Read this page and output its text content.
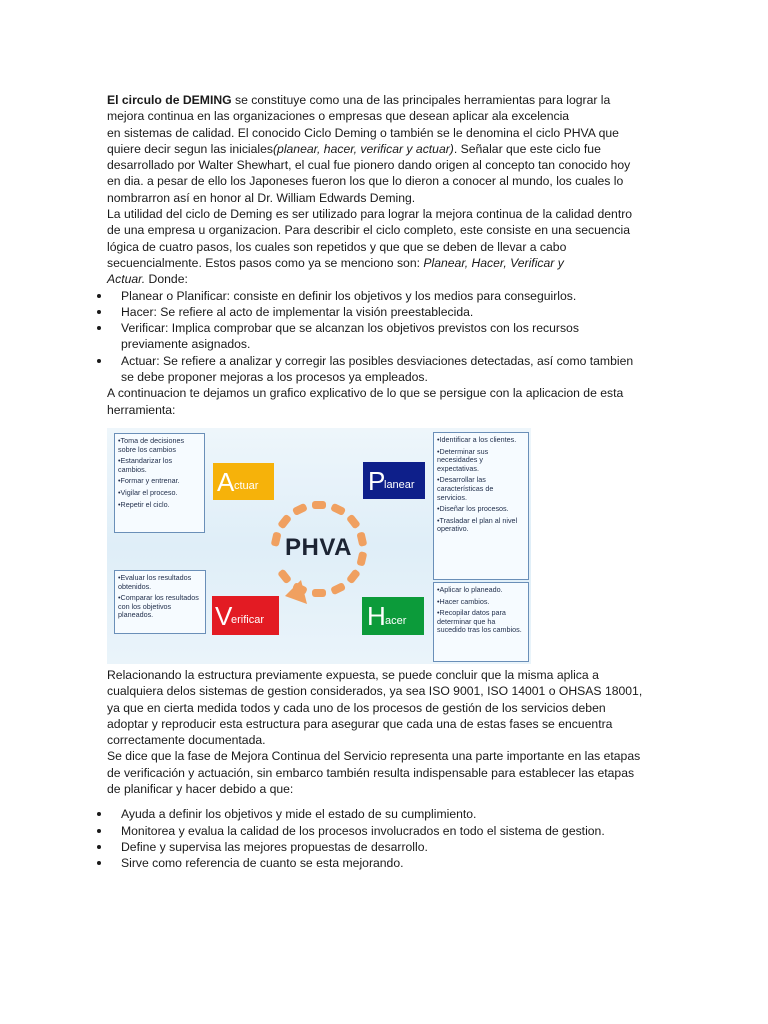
El circulo de DEMING se constituye como una de las principales herramientas para lograr la
mejora continua en las organizaciones o empresas que desean aplicar ala excelencia
en sistemas de calidad. El conocido Ciclo Deming o también se le denomina el ciclo PHVA que
quiere decir segun las iniciales(planear, hacer, verificar y actuar). Señalar que este ciclo fue
desarrollado por Walter Shewhart, el cual fue pionero dando origen al concepto tan conocido hoy
en dia. a pesar de ello los Japoneses fueron los que lo dieron a conocer al mundo, los cuales lo
nombrarron así en honor al Dr. William Edwards Deming.

La utilidad del ciclo de Deming es ser utilizado para lograr la mejora continua de la calidad dentro
de una empresa u organizacion. Para describir el ciclo completo, este consiste en una secuencia
lógica de cuatro pasos, los cuales son repetidos y que que se deben de llevar a cabo
secuencialmente. Estos pasos como ya se menciono son: Planear, Hacer, Verificar y
Actuar. Donde:

Planear o Planificar: consiste en definir los objetivos y los medios para conseguirlos.
Hacer: Se refiere al acto de implementar la visión preestablecida.
Verificar: Implica comprobar que se alcanzan los objetivos previstos con los recursos
previamente asignados.
Actuar: Se refiere a analizar y corregir las posibles desviaciones detectadas, así como tambien
se debe proponer mejoras a los procesos ya empleados.

A continuacion te dejamos un grafico explicativo de lo que se persigue con la aplicacion de esta
herramienta:

•Toma de decisiones sobre los cambios
•Estandarizar los cambios.
•Formar y entrenar.
•Vigilar el proceso.
•Repetir el ciclo.
•Identificar a los clientes.
•Determinar sus necesidades y expectativas.
•Desarrollar las características de servicios.
•Diseñar los procesos.
•Trasladar el plan al nivel operativo.
•Evaluar los resultados obtenidos.
•Comparar los resultados con los objetivos planeados.
•Aplicar lo planeado.
•Hacer cambios.
•Recopilar datos para determinar que ha sucedido tras los cambios.
A ctuar	P
lanear
V
erificar	H acer
PHVA

Relacionando la estructura previamente expuesta, se puede concluir que la misma aplica a
cualquiera delos sistemas de gestion considerados, ya sea ISO 9001, ISO 14001 o OHSAS 18001,
ya que en cierta medida todos y cada uno de los procesos de gestión de los servicios deben
adoptar y reproducir esta estructura para asegurar que cada una de estas fases se encuentra
correctamente documentada.

Se dice que la fase de Mejora Continua del Servicio representa una parte importante en las etapas
de verificación y actuación, sin embarco también resulta indispensable para establecer las etapas
de planificar y hacer debido a que:

Ayuda a definir los objetivos y mide el estado de su cumplimiento.
Monitorea y evalua la calidad de los procesos involucrados en todo el sistema de gestion.
Define y supervisa las mejores propuestas de desarrollo.
Sirve como referencia de cuanto se esta mejorando.
